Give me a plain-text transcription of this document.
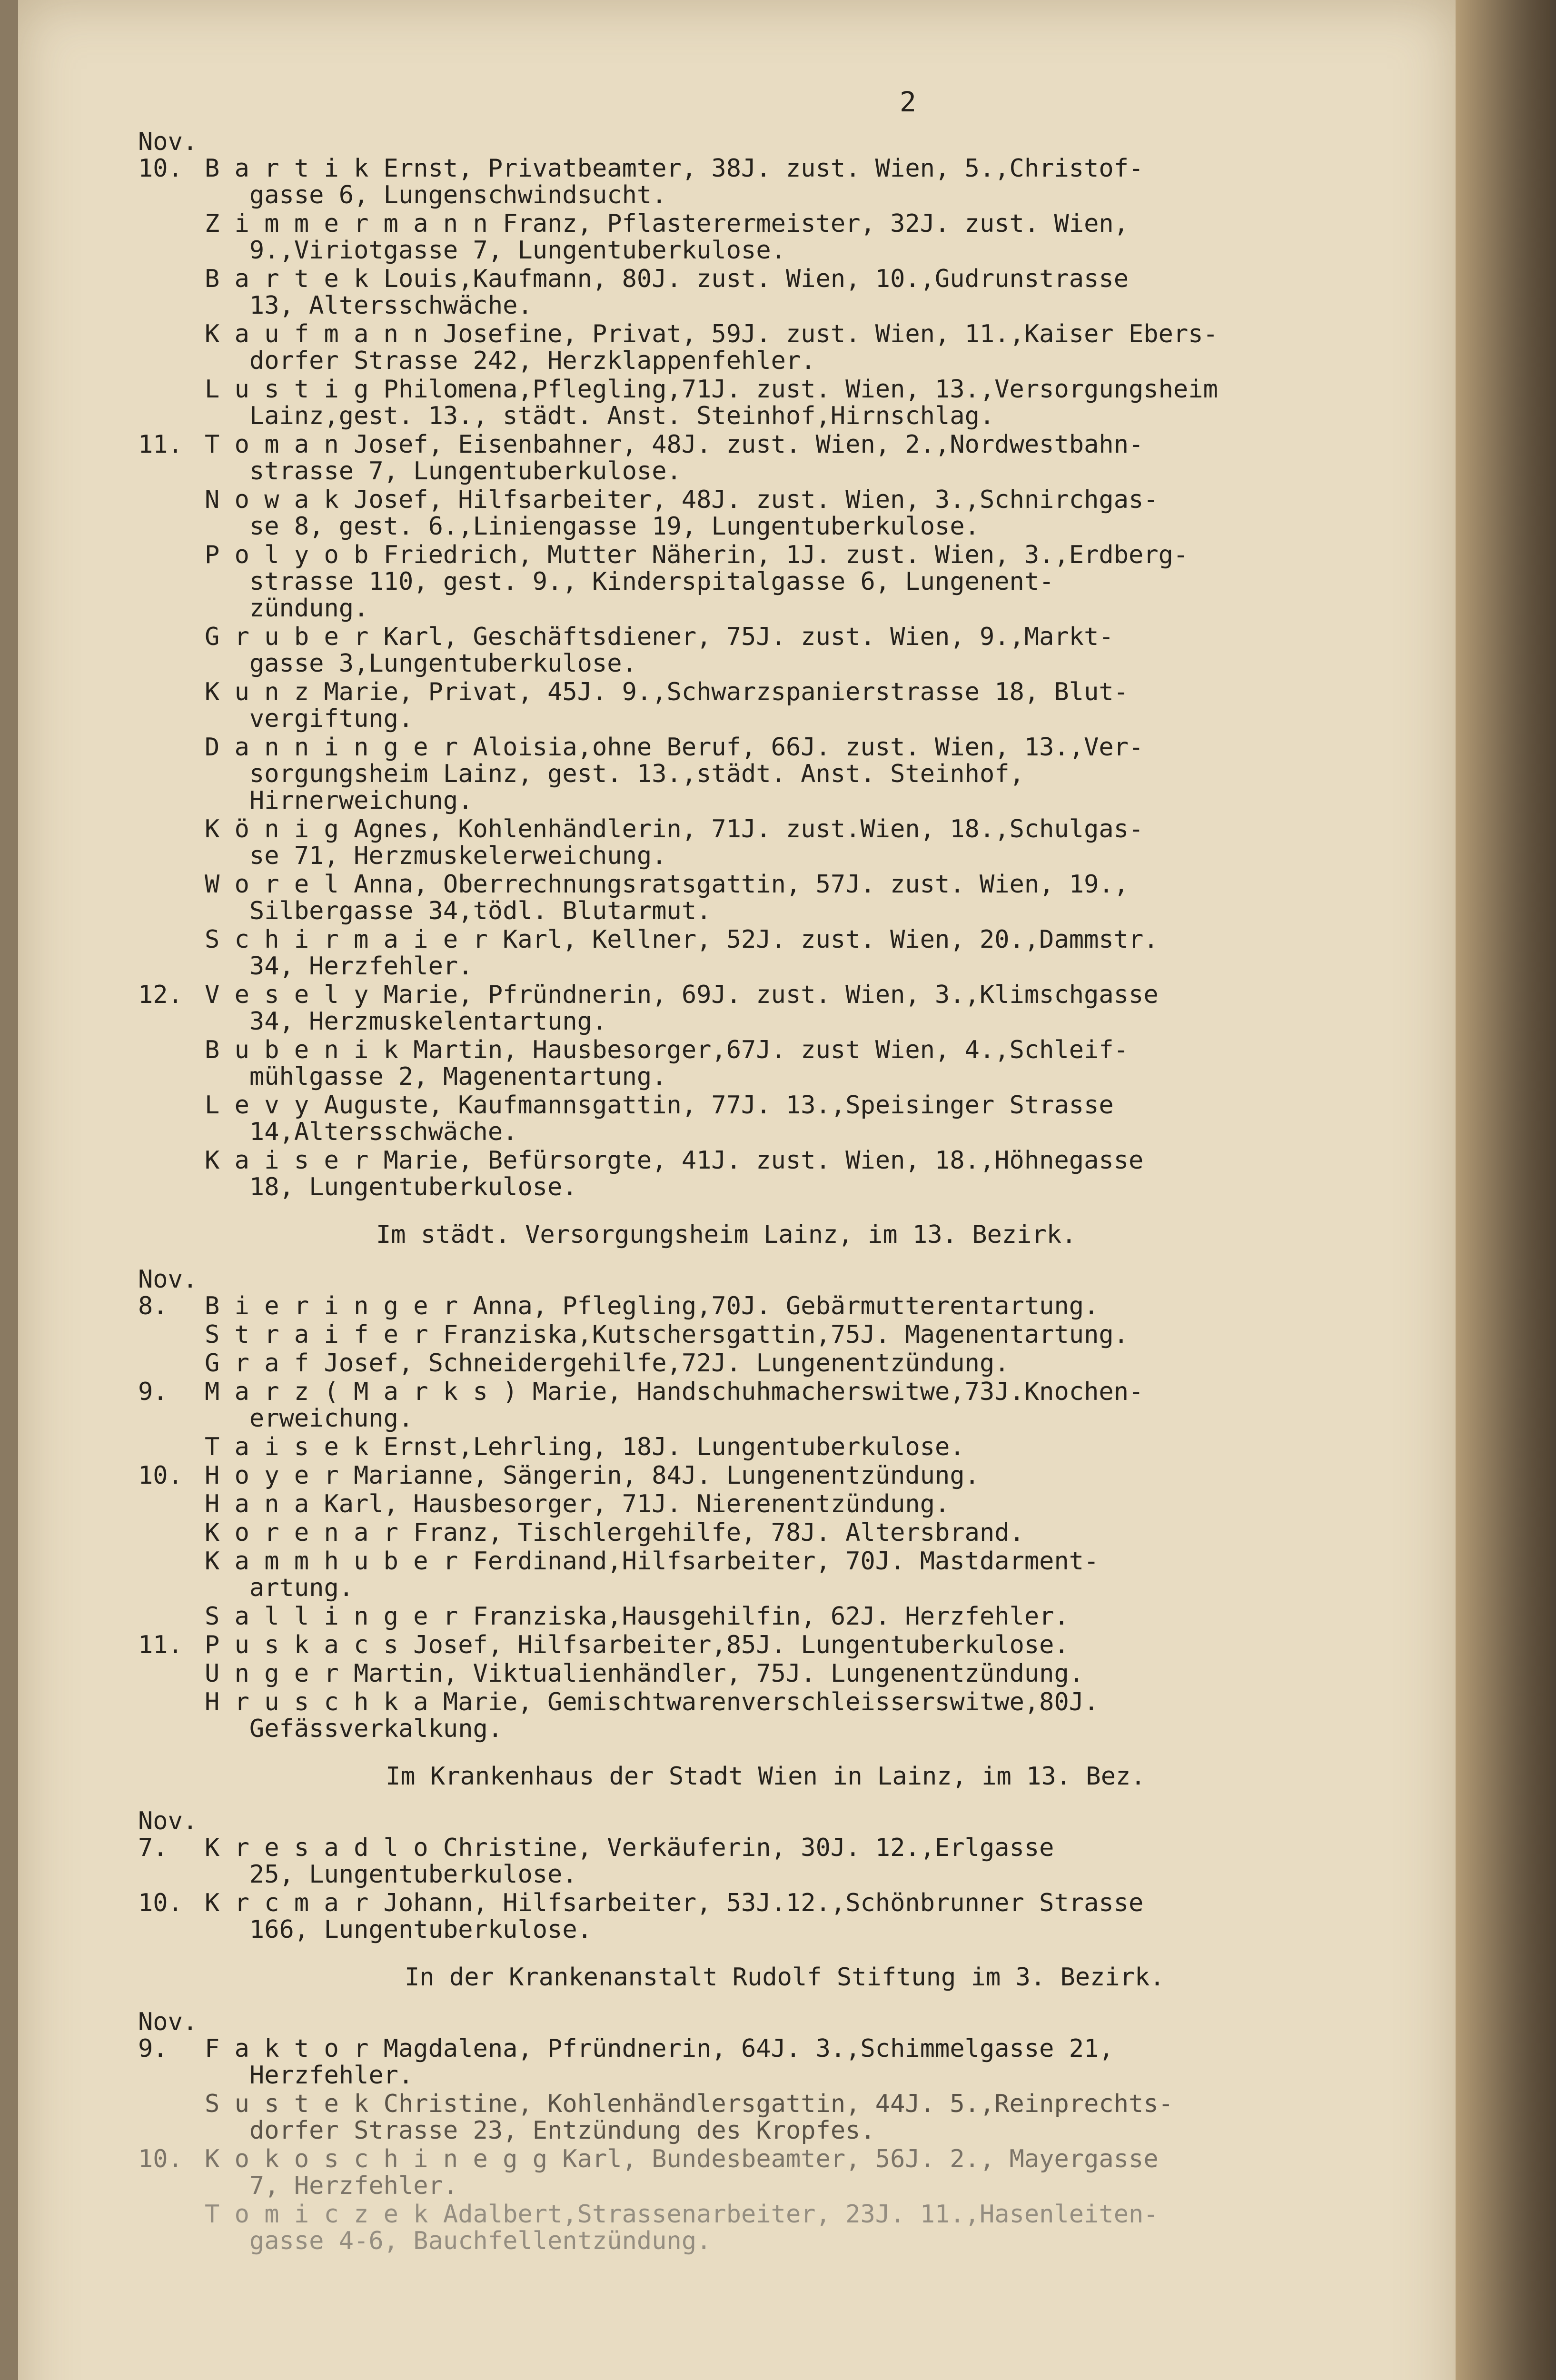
2
Nov.
10. B a r t i k Ernst, Privatbeamter, 38J. zust. Wien, 5.,Christof-
gasse 6, Lungenschwindsucht.
Z i m m e r m a n n Franz, Pflasterermeister, 32J. zust. Wien,
9.,Viriotgasse 7, Lungentuberkulose.
B a r t e k Louis,Kaufmann, 80J. zust. Wien, 10.,Gudrunstrasse
13, Altersschwäche.
K a u f m a n n Josefine, Privat, 59J. zust. Wien, 11.,Kaiser Ebers-
dorfer Strasse 242, Herzklappenfehler.
L u s t i g Philomena,Pflegling,71J. zust. Wien, 13.,Versorgungsheim
Lainz,gest. 13., städt. Anst. Steinhof,Hirnschlag.
11. T o m a n Josef, Eisenbahner, 48J. zust. Wien, 2.,Nordwestbahn-
strasse 7, Lungentuberkulose.
N o w a k Josef, Hilfsarbeiter, 48J. zust. Wien, 3.,Schnirchgas-
se 8, gest. 6.,Liniengasse 19, Lungentuberkulose.
P o l y o b Friedrich, Mutter Näherin, 1J. zust. Wien, 3.,Erdberg-
strasse 110, gest. 9., Kinderspitalgasse 6, Lungenent-
zündung.
G r u b e r Karl, Geschäftsdiener, 75J. zust. Wien, 9.,Markt-
gasse 3,Lungentuberkulose.
K u n z Marie, Privat, 45J. 9.,Schwarzspanierstrasse 18, Blut-
vergiftung.
D a n n i n g e r Aloisia,ohne Beruf, 66J. zust. Wien, 13.,Ver-
sorgungsheim Lainz, gest. 13.,städt. Anst. Steinhof,
Hirnerweichung.
K ö n i g Agnes, Kohlenhändlerin, 71J. zust.Wien, 18.,Schulgas-
se 71, Herzmuskelerweichung.
W o r e l Anna, Oberrechnungsratsgattin, 57J. zust. Wien, 19.,
Silbergasse 34,tödl. Blutarmut.
S c h i r m a i e r Karl, Kellner, 52J. zust. Wien, 20.,Dammstr.
34, Herzfehler.
12. V e s e l y Marie, Pfründnerin, 69J. zust. Wien, 3.,Klimschgasse
34, Herzmuskelentartung.
B u b e n i k Martin, Hausbesorger,67J. zust Wien, 4.,Schleif-
mühlgasse 2, Magenentartung.
L e v y Auguste, Kaufmannsgattin, 77J. 13.,Speisinger Strasse
14,Altersschwäche.
K a i s e r Marie, Befürsorgte, 41J. zust. Wien, 18.,Höhnegasse
18, Lungentuberkulose.
Im städt. Versorgungsheim Lainz, im 13. Bezirk.
Nov.
8.	B i e r i n g e r Anna, Pflegling,70J. Gebärmutterentartung.
S t r a i f e r Franziska,Kutschersgattin,75J. Magenentartung.
G r a f Josef, Schneidergehilfe,72J. Lungenentzündung.
9.	M a r z ( M a r k s ) Marie, Handschuhmacherswitwe,73J.Knochen-
erweichung.
T a i s e k Ernst,Lehrling, 18J. Lungentuberkulose.
10. H o y e r Marianne, Sängerin, 84J. Lungenentzündung.
H a n a Karl, Hausbesorger, 71J. Nierenentzündung.
K o r e n a r Franz, Tischlergehilfe, 78J. Altersbrand.
K a m m h u b e r Ferdinand,Hilfsarbeiter, 70J. Mastdarment-
artung.
S a l l i n g e r Franziska,Hausgehilfin, 62J. Herzfehler.
11. P u s k a c s Josef, Hilfsarbeiter,85J. Lungentuberkulose.
U n g e r Martin, Viktualienhändler, 75J. Lungenentzündung.
H r u s c h k a Marie, Gemischtwarenverschleisserswitwe,80J.
Gefässverkalkung.
Im Krankenhaus der Stadt Wien in Lainz, im 13. Bez.
Nov.
7.	K r e s a d l o Christine, Verkäuferin, 30J. 12.,Erlgasse
25, Lungentuberkulose.
10. K r c m a r Johann, Hilfsarbeiter, 53J.12.,Schönbrunner Strasse
166, Lungentuberkulose.
In der Krankenanstalt Rudolf Stiftung im 3. Bezirk.
Nov.
9.	F a k t o r Magdalena, Pfründnerin, 64J. 3.,Schimmelgasse 21,
Herzfehler.
S u s t e k Christine, Kohlenhändlersgattin, 44J. 5.,Reinprechts-
dorfer Strasse 23, Entzündung des Kropfes.
10. K o k o s c h i n e g g Karl, Bundesbeamter, 56J. 2., Mayergasse
7, Herzfehler.
T o m i c z e k Adalbert,Strassenarbeiter, 23J. 11.,Hasenleiten-
gasse 4-6, Bauchfellentzündung.
